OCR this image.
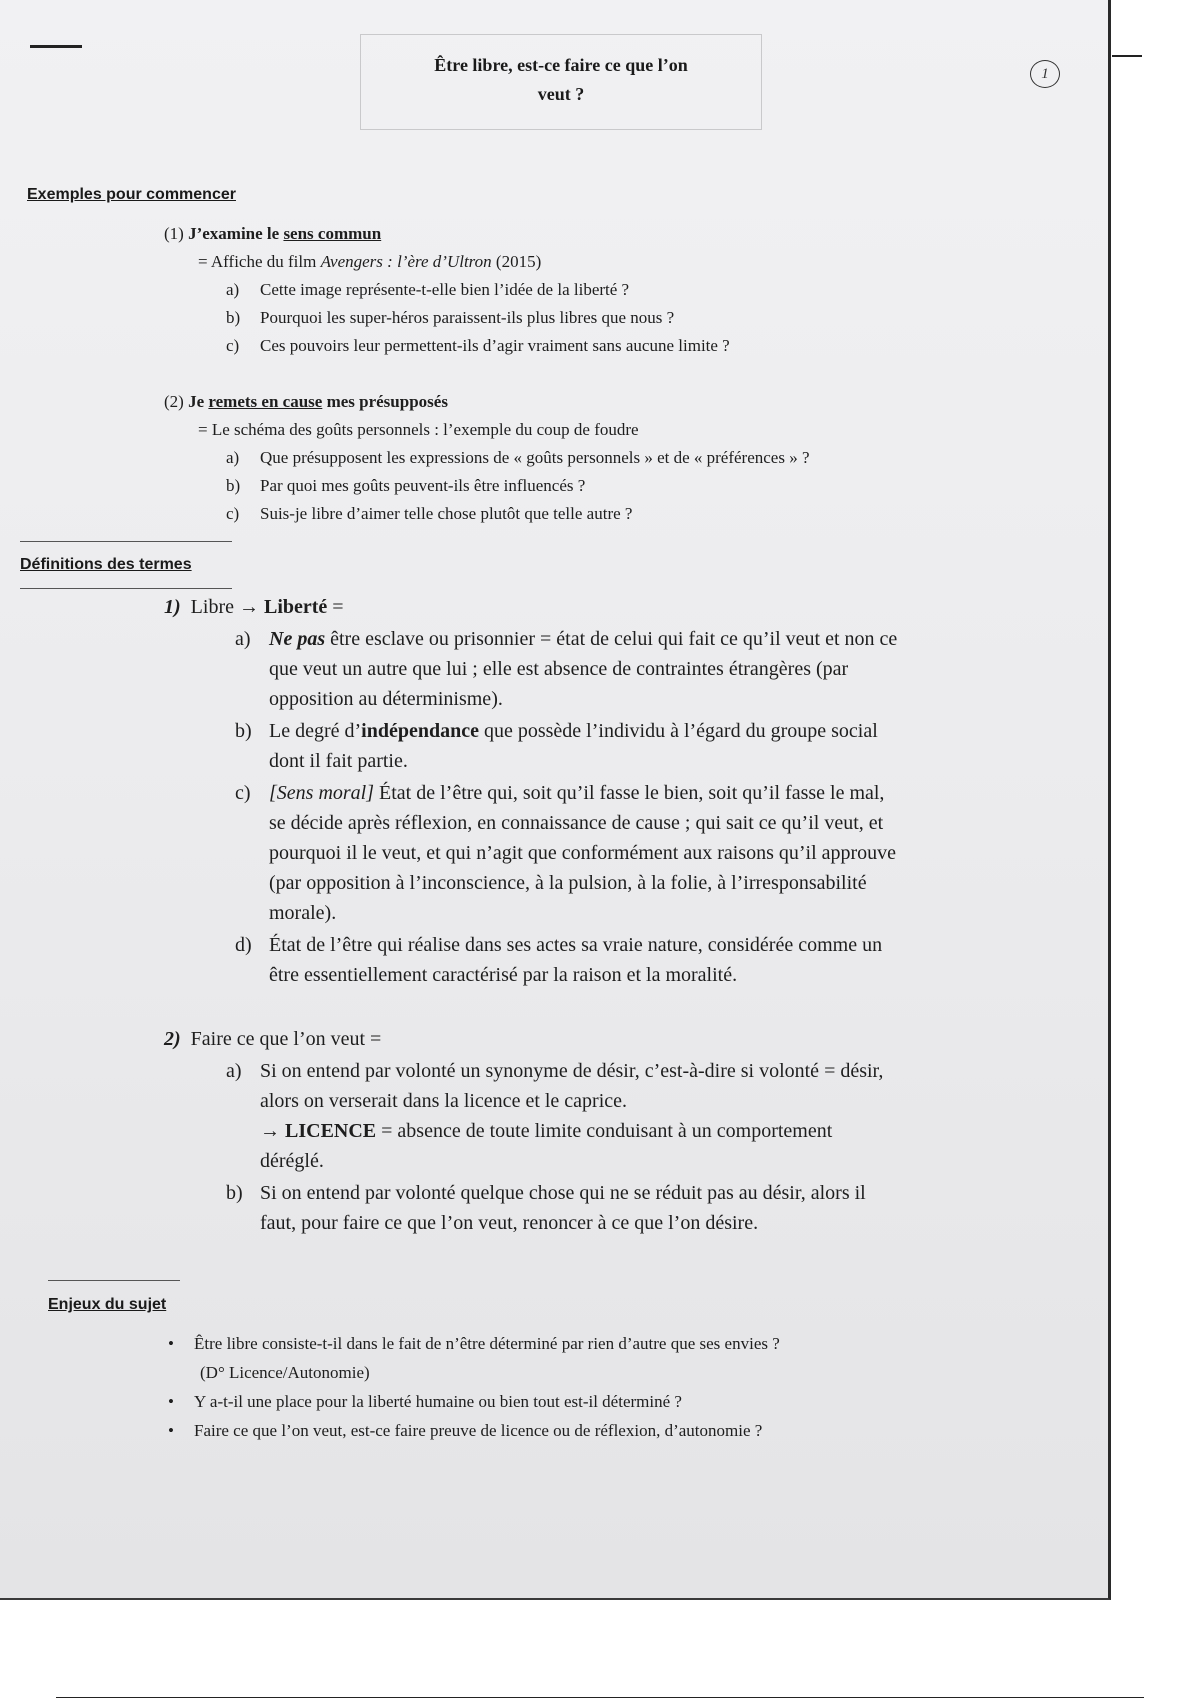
Être libre, est-ce faire ce que l’on veut ?
1
Exemples pour commencer
(1) J’examine le sens commun
= Affiche du film Avengers : l’ère d’Ultron (2015)
a) Cette image représente-t-elle bien l’idée de la liberté ?
b) Pourquoi les super-héros paraissent-ils plus libres que nous ?
c) Ces pouvoirs leur permettent-ils d’agir vraiment sans aucune limite ?
(2) Je remets en cause mes présupposés
= Le schéma des goûts personnels : l’exemple du coup de foudre
a) Que présupposent les expressions de « goûts personnels » et de « préférences » ?
b) Par quoi mes goûts peuvent-ils être influencés ?
c) Suis-je libre d’aimer telle chose plutôt que telle autre ?
Définitions des termes
1) Libre → Liberté =
a) Ne pas être esclave ou prisonnier = état de celui qui fait ce qu’il veut et non ce
que veut un autre que lui ; elle est absence de contraintes étrangères (par
opposition au déterminisme).
b) Le degré d’indépendance que possède l’individu à l’égard du groupe social
dont il fait partie.
c) [Sens moral] État de l’être qui, soit qu’il fasse le bien, soit qu’il fasse le mal,
se décide après réflexion, en connaissance de cause ; qui sait ce qu’il veut, et
pourquoi il le veut, et qui n’agit que conformément aux raisons qu’il approuve
(par opposition à l’inconscience, à la pulsion, à la folie, à l’irresponsabilité
morale).
d) État de l’être qui réalise dans ses actes sa vraie nature, considérée comme un
être essentiellement caractérisé par la raison et la moralité.
2) Faire ce que l’on veut =
a) Si on entend par volonté un synonyme de désir, c’est-à-dire si volonté = désir,
alors on verserait dans la licence et le caprice.
→ LICENCE = absence de toute limite conduisant à un comportement
déréglé.
b) Si on entend par volonté quelque chose qui ne se réduit pas au désir, alors il
faut, pour faire ce que l’on veut, renoncer à ce que l’on désire.
Enjeux du sujet
• Être libre consiste-t-il dans le fait de n’être déterminé par rien d’autre que ses envies ?
(D° Licence/Autonomie)
• Y a-t-il une place pour la liberté humaine ou bien tout est-il déterminé ?
• Faire ce que l’on veut, est-ce faire preuve de licence ou de réflexion, d’autonomie ?
